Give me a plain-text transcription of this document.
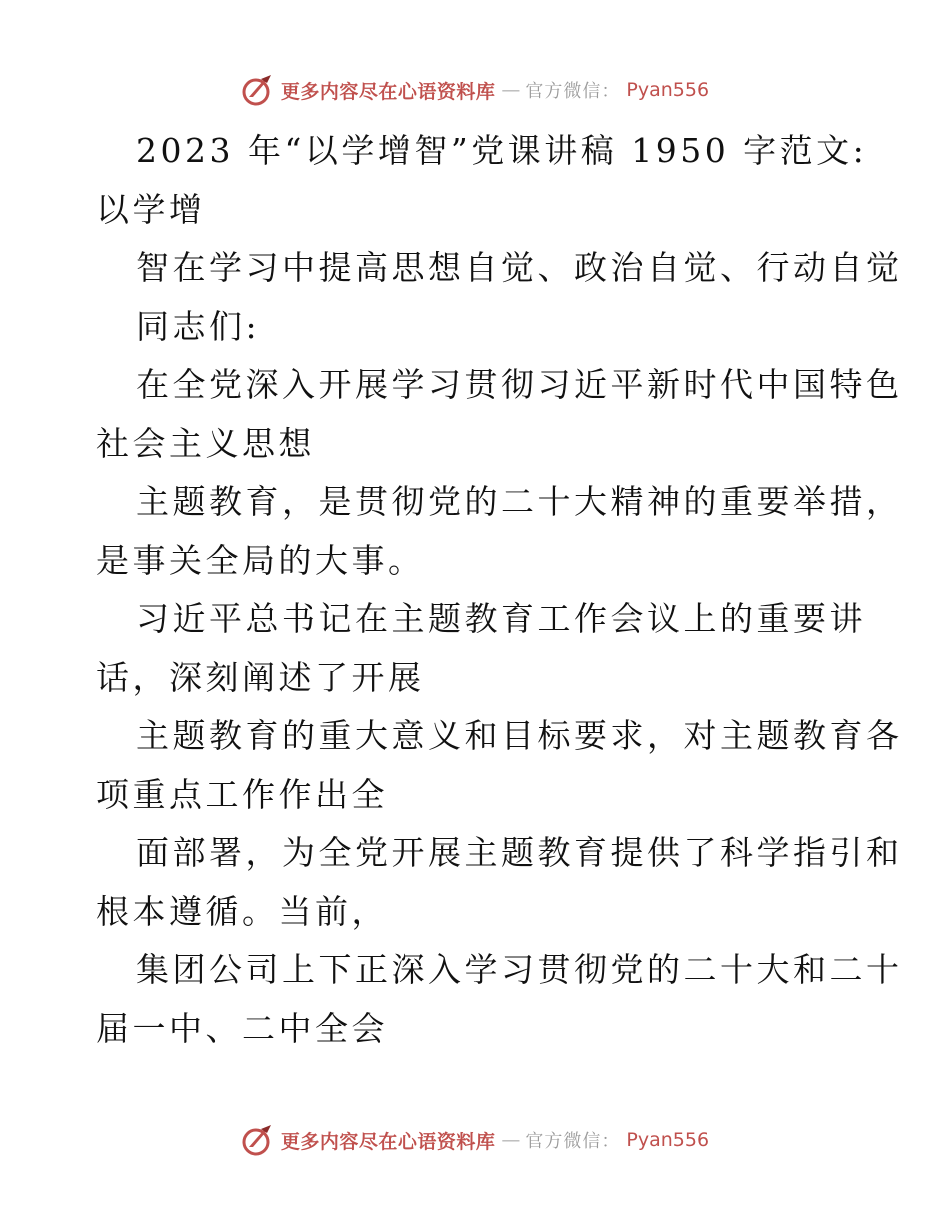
更多内容尽在心语资料库 — 官方微信： Pyan556
2023 年“以学增智”党课讲稿 1950 字范文:
以学增
智在学习中提高思想自觉、政治自觉、行动自觉
同志们:
在全党深入开展学习贯彻习近平新时代中国特色
社会主义思想
主题教育，是贯彻党的二十大精神的重要举措，
是事关全局的大事。
习近平总书记在主题教育工作会议上的重要讲
话，深刻阐述了开展
主题教育的重大意义和目标要求，对主题教育各
项重点工作作出全
面部署，为全党开展主题教育提供了科学指引和
根本遵循。当前，
集团公司上下正深入学习贯彻党的二十大和二十
届一中、二中全会
更多内容尽在心语资料库 — 官方微信： Pyan556
